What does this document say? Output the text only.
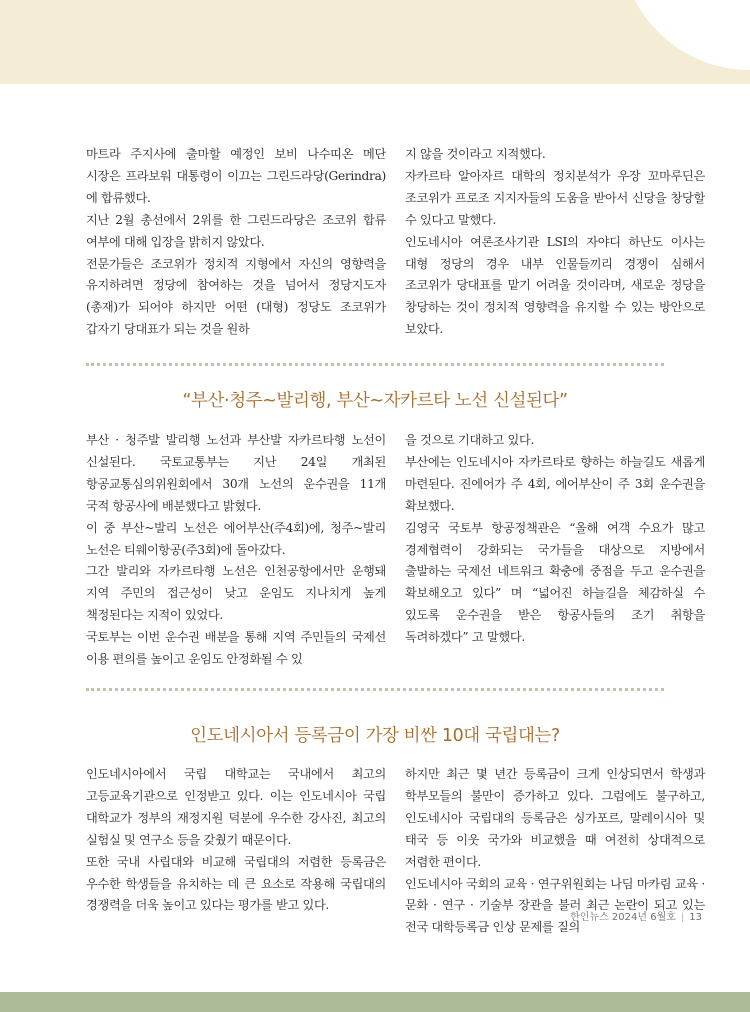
마트라 주지사에 출마할 예정인 보비 나수띠온 메단 시장은 프라보워 대통령이 이끄는 그린드라당(Gerindra)에 합류했다.

지난 2월 총선에서 2위를 한 그린드라당은 조코위 합류 여부에 대해 입장을 밝히지 않았다.

전문가들은 조코위가 정치적 지형에서 자신의 영향력을 유지하려면 정당에 참여하는 것을 넘어서 정당지도자(총재)가 되어야 하지만 어떤 (대형) 정당도 조코위가 갑자기 당대표가 되는 것을 원하

지 않을 것이라고 지적했다.

자카르타 알아자르 대학의 정치분석가 우장 꼬마루딘은 조코위가 프로조 지지자들의 도움을 받아서 신당을 창당할 수 있다고 말했다.

인도네시아 여론조사기관 LSI의 자야디 하난도 이사는 대형 정당의 경우 내부 인물들끼리 경쟁이 심해서 조코위가 당대표를 맡기 어려울 것이라며, 새로운 정당을 창당하는 것이 정치적 영향력을 유지할 수 있는 방안으로 보았다.

“부산·청주~발리행, 부산~자카르타 노선 신설된다”

부산 · 청주발 발리행 노선과 부산발 자카르타행 노선이 신설된다. 국토교통부는 지난 24일 개최된 항공교통심의위원회에서 30개 노선의 운수권을 11개 국적 항공사에 배분했다고 밝혔다.

이 중 부산~발리 노선은 에어부산(주4회)에, 청주~발리 노선은 티웨이항공(주3회)에 돌아갔다.

그간 발리와 자카르타행 노선은 인천공항에서만 운행돼 지역 주민의 접근성이 낮고 운임도 지나치게 높게 책정된다는 지적이 있었다.

국토부는 이번 운수권 배분을 통해 지역 주민들의 국제선 이용 편의를 높이고 운임도 안정화될 수 있

을 것으로 기대하고 있다.

부산에는 인도네시아 자카르타로 향하는 하늘길도 새롭게 마련된다. 진에어가 주 4회, 에어부산이 주 3회 운수권을 확보했다.

김영국 국토부 항공정책관은 “올해 여객 수요가 많고 경제협력이 강화되는 국가들을 대상으로 지방에서 출발하는 국제선 네트워크 확충에 중점을 두고 운수권을 확보해오고 있다” 며 “넓어진 하늘길을 체감하실 수 있도록 운수권을 받은 항공사들의 조기 취항을 독려하겠다” 고 말했다.

인도네시아서 등록금이 가장 비싼 10대 국립대는?

인도네시아에서 국립 대학교는 국내에서 최고의 고등교육기관으로 인정받고 있다. 이는 인도네시아 국립 대학교가 정부의 재정지원 덕분에 우수한 강사진, 최고의 실험실 및 연구소 등을 갖췄기 때문이다.

또한 국내 사립대와 비교해 국립대의 저렴한 등록금은 우수한 학생들을 유치하는 데 큰 요소로 작용해 국립대의 경쟁력을 더욱 높이고 있다는 평가를 받고 있다.

하지만 최근 몇 년간 등록금이 크게 인상되면서 학생과 학부모들의 불만이 증가하고 있다. 그럼에도 불구하고, 인도네시아 국립대의 등록금은 싱가포르, 말레이시아 및 태국 등 이웃 국가와 비교했을 때 여전히 상대적으로 저렴한 편이다.

인도네시아 국회의 교육 · 연구위원회는 나딤 마카림 교육 · 문화 · 연구 · 기술부 장관을 불러 최근 논란이 되고 있는 전국 대학등록금 인상 문제를 질의

한인뉴스 2024년 6월호 | 13
